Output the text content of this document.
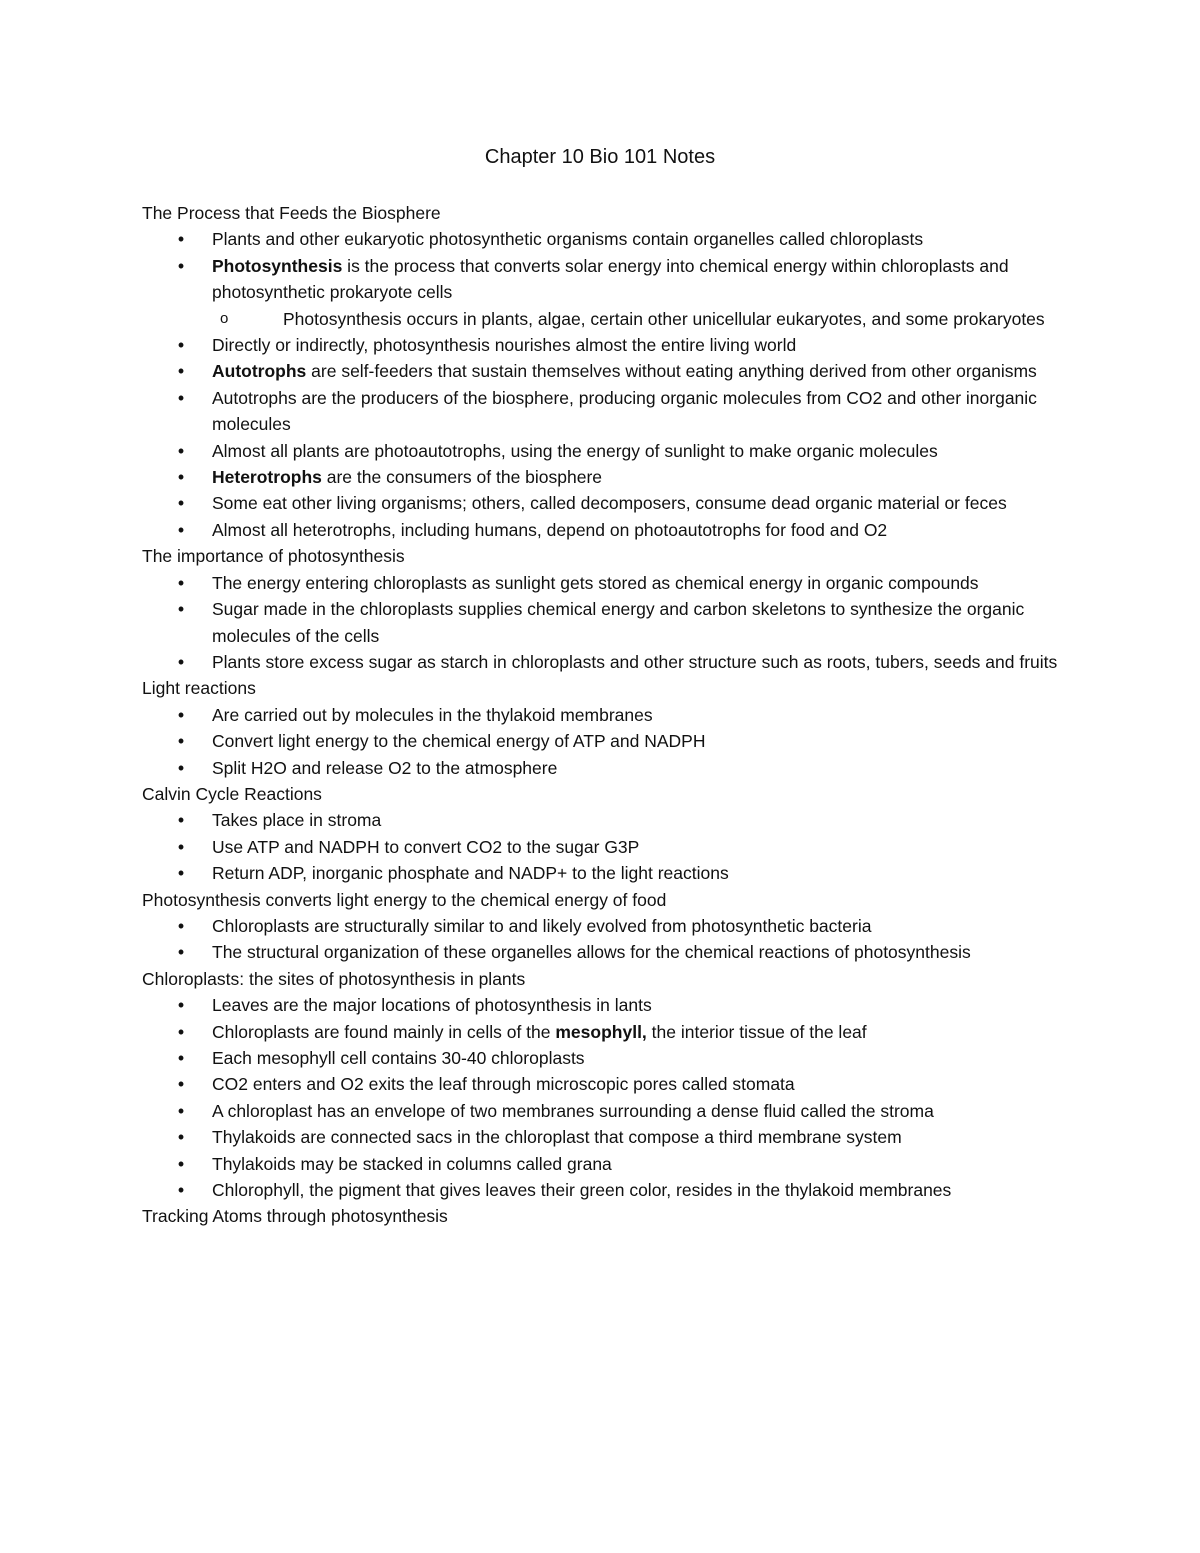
Chapter 10 Bio 101 Notes
The Process that Feeds the Biosphere
• Plants and other eukaryotic photosynthetic organisms contain organelles called chloroplasts
• Photosynthesis is the process that converts solar energy into chemical energy within chloroplasts and photosynthetic prokaryote cells
o	Photosynthesis occurs in plants, algae, certain other unicellular eukaryotes, and some prokaryotes
• Directly or indirectly, photosynthesis nourishes almost the entire living world
• Autotrophs are self-feeders that sustain themselves without eating anything derived from other organisms
• Autotrophs are the producers of the biosphere, producing organic molecules from CO2 and other inorganic molecules
• Almost all plants are photoautotrophs, using the energy of sunlight to make organic molecules
• Heterotrophs are the consumers of the biosphere
• Some eat other living organisms; others, called decomposers, consume dead organic material or feces
• Almost all heterotrophs, including humans, depend on photoautotrophs for food and O2
The importance of photosynthesis
• The energy entering chloroplasts as sunlight gets stored as chemical energy in organic compounds
• Sugar made in the chloroplasts supplies chemical energy and carbon skeletons to synthesize the organic molecules of the cells
• Plants store excess sugar as starch in chloroplasts and other structure such as roots, tubers, seeds and fruits
Light reactions
• Are carried out by molecules in the thylakoid membranes
• Convert light energy to the chemical energy of ATP and NADPH
• Split H2O and release O2 to the atmosphere
Calvin Cycle Reactions
• Takes place in stroma
• Use ATP and NADPH to convert CO2 to the sugar G3P
• Return ADP, inorganic phosphate and NADP+ to the light reactions
Photosynthesis converts light energy to the chemical energy of food
• Chloroplasts are structurally similar to and likely evolved from photosynthetic bacteria
• The structural organization of these organelles allows for the chemical reactions of photosynthesis
Chloroplasts: the sites of photosynthesis in plants
• Leaves are the major locations of photosynthesis in lants
• Chloroplasts are found mainly in cells of the mesophyll, the interior tissue of the leaf
• Each mesophyll cell contains 30-40 chloroplasts
• CO2 enters and O2 exits the leaf through microscopic pores called stomata
• A chloroplast has an envelope of two membranes surrounding a dense fluid called the stroma
• Thylakoids are connected sacs in the chloroplast that compose a third membrane system
• Thylakoids may be stacked in columns called grana
• Chlorophyll, the pigment that gives leaves their green color, resides in the thylakoid membranes
Tracking Atoms through photosynthesis
